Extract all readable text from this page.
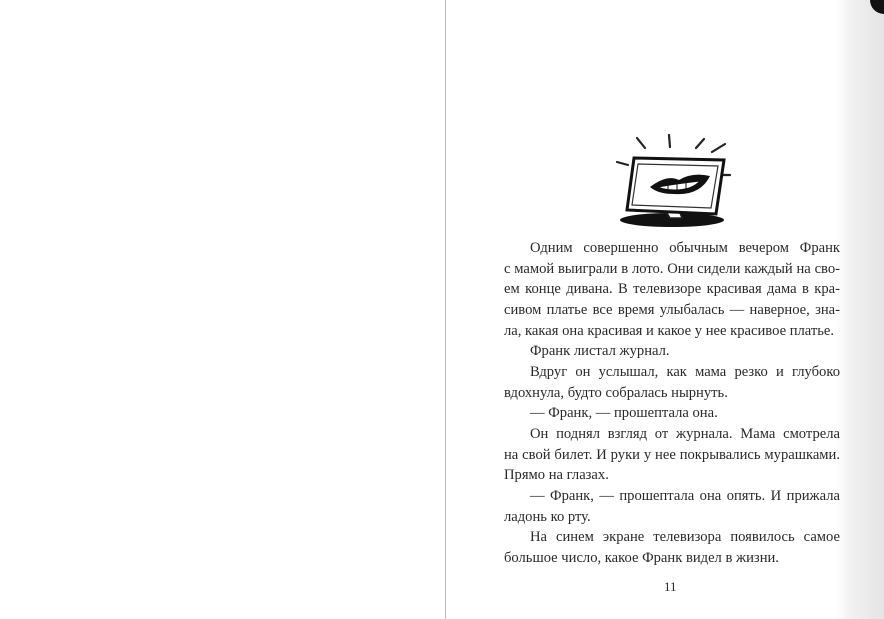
Одним совершенно обычным вечером Франк
с мамой выиграли в лото. Они сидели каждый на сво-
ем конце дивана. В телевизоре красивая дама в кра-
сивом платье все время улыбалась — наверное, зна-
ла, какая она красивая и какое у нее красивое платье.
Франк листал журнал.
Вдруг он услышал, как мама резко и глубоко
вдохнула, будто собралась нырнуть.
— Франк, — прошептала она.
Он поднял взгляд от журнала. Мама смотрела
на свой билет. И руки у нее покрывались мурашками.
Прямо на глазах.
— Франк, — прошептала она опять. И прижала
ладонь ко рту.
На синем экране телевизора появилось самое
большое число, какое Франк видел в жизни.
11
